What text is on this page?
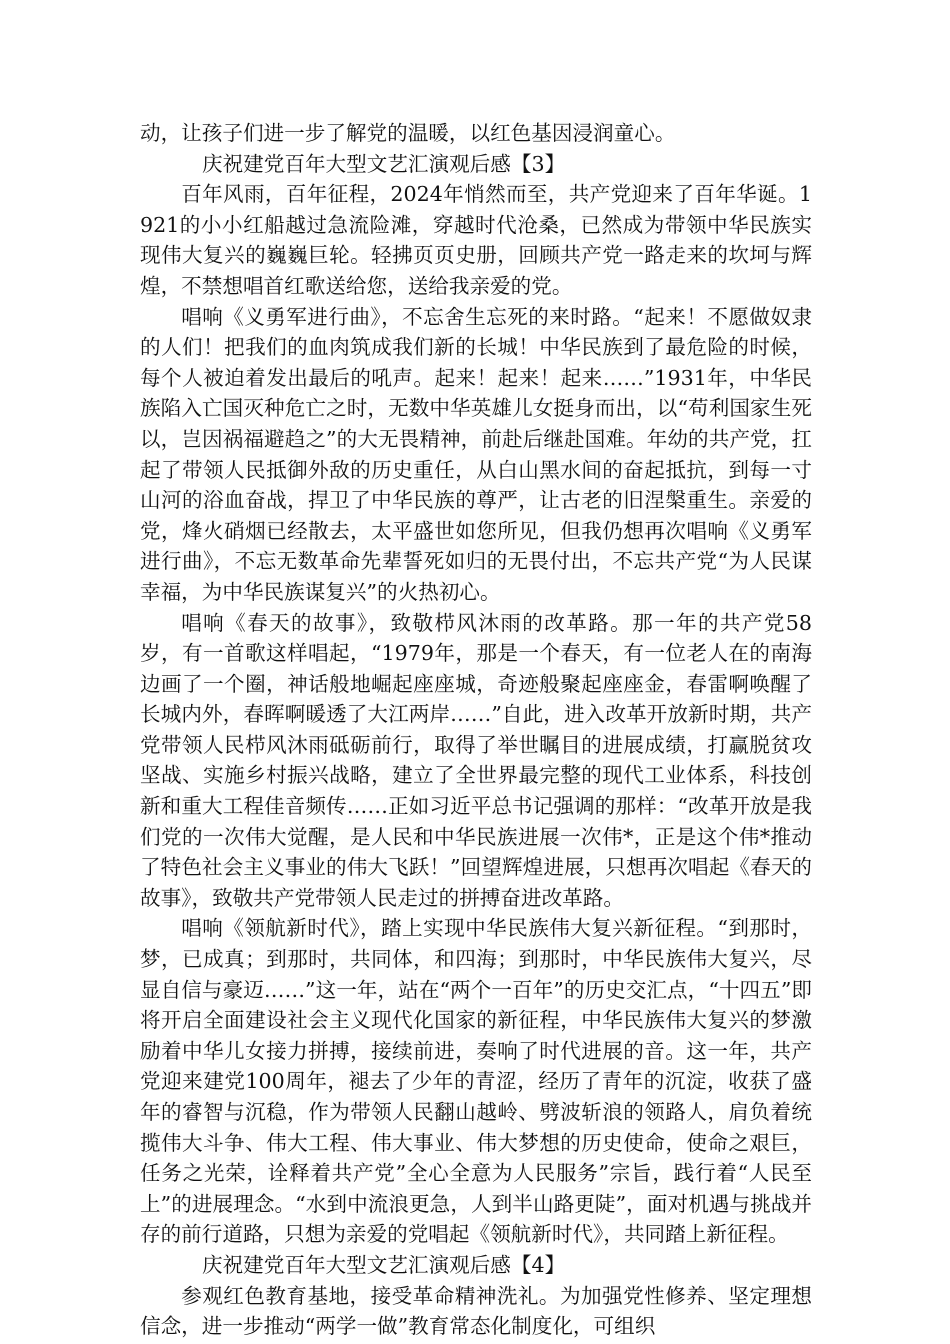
动，让孩子们进一步了解党的温暖，以红色基因浸润童心。

庆祝建党百年大型文艺汇演观后感【3】

百年风雨，百年征程，2024年悄然而至，共产党迎来了百年华诞。1921的小小红船越过急流险滩，穿越时代沧桑，已然成为带领中华民族实现伟大复兴的巍巍巨轮。轻拂页页史册，回顾共产党一路走来的坎坷与辉煌，不禁想唱首红歌送给您，送给我亲爱的党。

唱响《义勇军进行曲》，不忘舍生忘死的来时路。“起来！不愿做奴隶的人们！把我们的血肉筑成我们新的长城！中华民族到了最危险的时候，每个人被迫着发出最后的吼声。起来！起来！起来……”1931年，中华民族陷入亡国灭种危亡之时，无数中华英雄儿女挺身而出，以“苟利国家生死以，岂因祸福避趋之”的大无畏精神，前赴后继赴国难。年幼的共产党，扛起了带领人民抵御外敌的历史重任，从白山黑水间的奋起抵抗，到每一寸山河的浴血奋战，捍卫了中华民族的尊严，让古老的旧涅槃重生。亲爱的党，烽火硝烟已经散去，太平盛世如您所见，但我仍想再次唱响《义勇军进行曲》，不忘无数革命先辈誓死如归的无畏付出，不忘共产党“为人民谋幸福，为中华民族谋复兴”的火热初心。

唱响《春天的故事》，致敬栉风沐雨的改革路。那一年的共产党58岁，有一首歌这样唱起，“1979年，那是一个春天，有一位老人在的南海边画了一个圈，神话般地崛起座座城，奇迹般聚起座座金，春雷啊唤醒了长城内外，春晖啊暖透了大江两岸……”自此，进入改革开放新时期，共产党带领人民栉风沐雨砥砺前行，取得了举世瞩目的进展成绩，打赢脱贫攻坚战、实施乡村振兴战略，建立了全世界最完整的现代工业体系，科技创新和重大工程佳音频传……正如习近平总书记强调的那样：“改革开放是我们党的一次伟大觉醒，是人民和中华民族进展一次伟*，正是这个伟*推动了特色社会主义事业的伟大飞跃！”回望辉煌进展，只想再次唱起《春天的故事》，致敬共产党带领人民走过的拼搏奋进改革路。

唱响《领航新时代》，踏上实现中华民族伟大复兴新征程。“到那时，梦，已成真；到那时，共同体，和四海；到那时，中华民族伟大复兴，尽显自信与豪迈……”这一年，站在“两个一百年”的历史交汇点，“十四五”即将开启全面建设社会主义现代化国家的新征程，中华民族伟大复兴的梦激励着中华儿女接力拼搏，接续前进，奏响了时代进展的音。这一年，共产党迎来建党100周年，褪去了少年的青涩，经历了青年的沉淀，收获了盛年的睿智与沉稳，作为带领人民翻山越岭、劈波斩浪的领路人，肩负着统揽伟大斗争、伟大工程、伟大事业、伟大梦想的历史使命，使命之艰巨，任务之光荣，诠释着共产党”全心全意为人民服务”宗旨，践行着“人民至上”的进展理念。“水到中流浪更急，人到半山路更陡”，面对机遇与挑战并存的前行道路，只想为亲爱的党唱起《领航新时代》，共同踏上新征程。

庆祝建党百年大型文艺汇演观后感【4】

参观红色教育基地，接受革命精神洗礼。为加强党性修养、坚定理想信念，进一步推动“两学一做”教育常态化制度化，可组织
